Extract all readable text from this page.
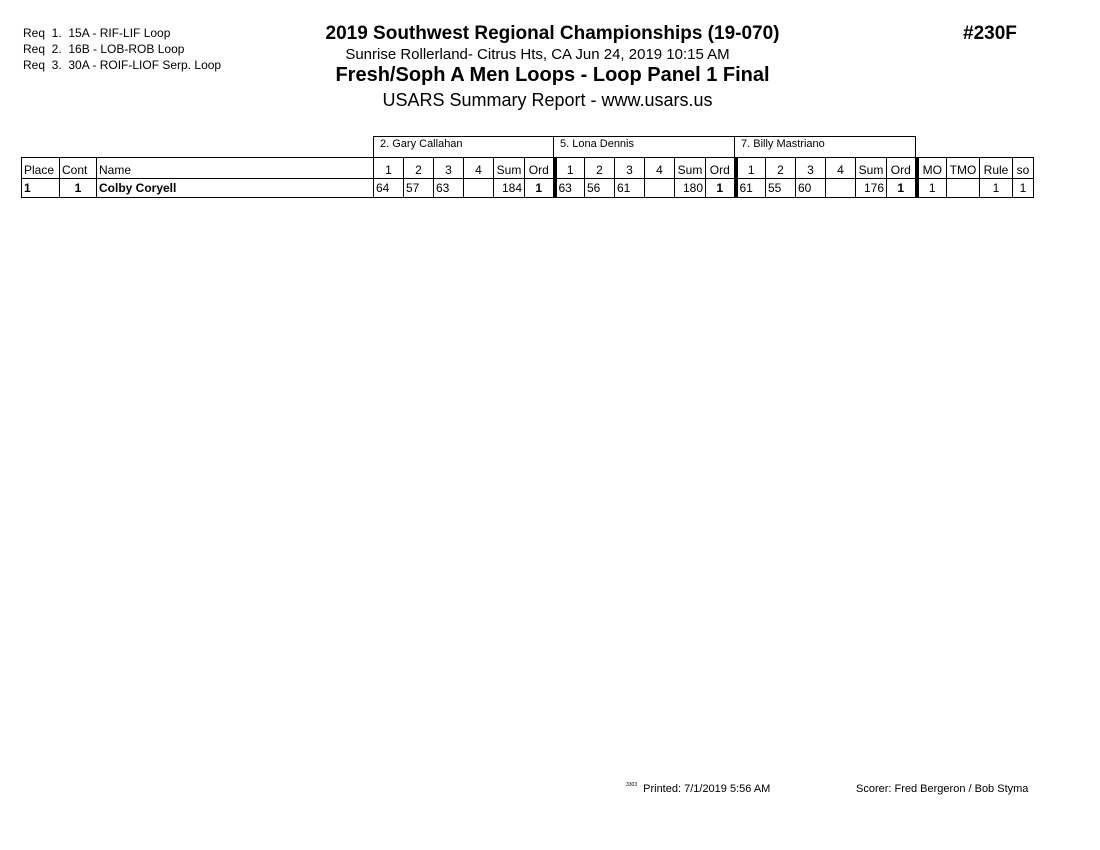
Req  1.  15A - RIF-LIF Loop
Req  2.  16B - LOB-ROB Loop
Req  3.  30A - ROIF-LIOF Serp. Loop
2019 Southwest Regional Championships (19-070)
Sunrise Rollerland- Citrus Hts, CA Jun 24, 2019 10:15 AM
Fresh/Soph A Men Loops - Loop Panel 1 Final
USARS Summary Report - www.usars.us
#230F
2. Gary Callahan	5. Lona Dennis	7. Billy Mastriano
Place	Cont	Name	1	2	3	4	Sum	Ord	1	2	3	4	Sum	Ord	1	2	3	4	Sum	Ord	MO	TMO	Rule	so
1	1	Colby Coryell	64	57	63		184	1	63	56	61		180	1	61	55	60		176	1	1		1	1
$^{3303}$ Printed: 7/1/2019 5:56 AM	Scorer: Fred Bergeron / Bob Styma
